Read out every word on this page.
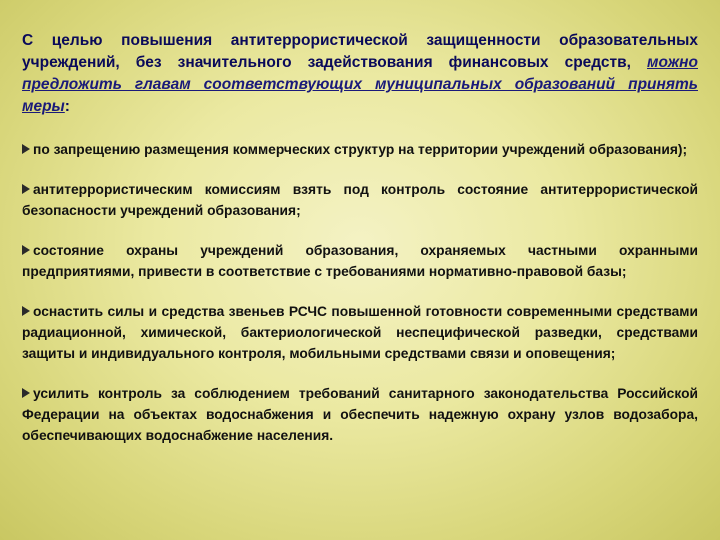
С целью повышения антитеррористической защищенности образовательных учреждений, без значительного задействования финансовых средств, можно предложить главам соответствующих муниципальных образований принять меры:

по запрещению размещения коммерческих структур на территории учреждений образования);

антитеррористическим комиссиям взять под контроль состояние антитеррористической безопасности учреждений образования;

состояние охраны учреждений образования, охраняемых частными охранными предприятиями, привести в соответствие с требованиями нормативно-правовой базы;

оснастить силы и средства звеньев РСЧС повышенной готовности современными средствами радиационной, химической, бактериологической неспецифической разведки, средствами защиты и индивидуального контроля, мобильными средствами связи и оповещения;

усилить контроль за соблюдением требований санитарного законодательства Российской Федерации на объектах водоснабжения и обеспечить надежную охрану узлов водозабора, обеспечивающих водоснабжение населения.
